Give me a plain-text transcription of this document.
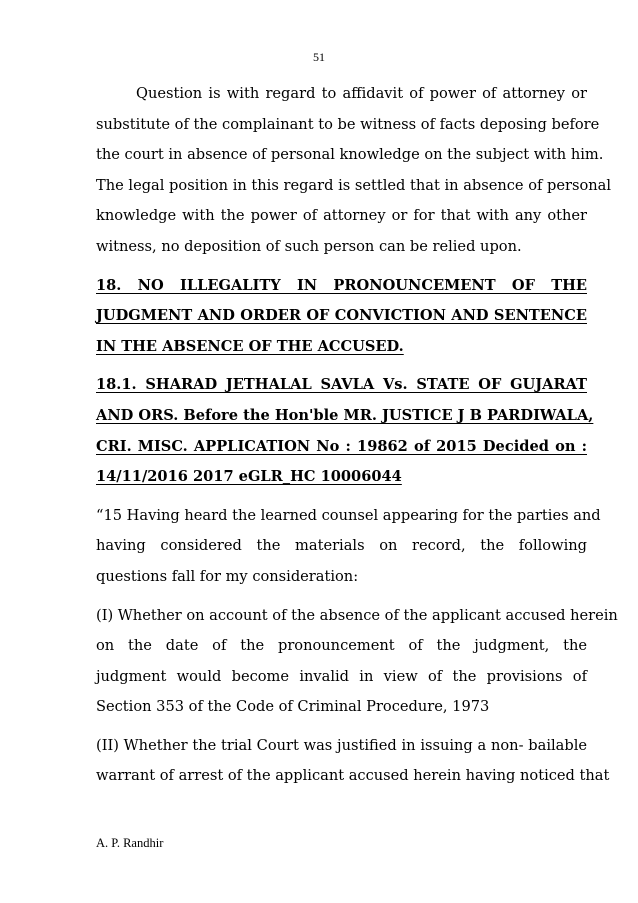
51
Question is with regard to affidavit of power of attorney or
substitute of the complainant to be witness of facts deposing before
the court in absence of personal knowledge on the subject with him.
The legal position in this regard is settled that in absence of personal
knowledge with the power of attorney or for that with any other
witness, no deposition of such person can be relied upon.
18. NO ILLEGALITY IN PRONOUNCEMENT OF THE
JUDGMENT AND ORDER OF CONVICTION AND SENTENCE
IN THE ABSENCE OF THE ACCUSED.
18.1. SHARAD JETHALAL SAVLA Vs. STATE OF GUJARAT
AND ORS. Before the Hon'ble MR. JUSTICE J B PARDIWALA,
CRI. MISC. APPLICATION No : 19862 of 2015 Decided on :
14/11/2016 2017 eGLR_HC 10006044
“15 Having heard the learned counsel appearing for the parties and
having considered the materials on record, the following
questions fall for my consideration:
(I) Whether on account of the absence of the applicant accused herein
on the date of the pronouncement of the judgment, the
judgment would become invalid in view of the provisions of
Section 353 of the Code of Criminal Procedure, 1973
(II) Whether the trial Court was justified in issuing a non- bailable
warrant of arrest of the applicant accused herein having noticed that
A. P. Randhir
